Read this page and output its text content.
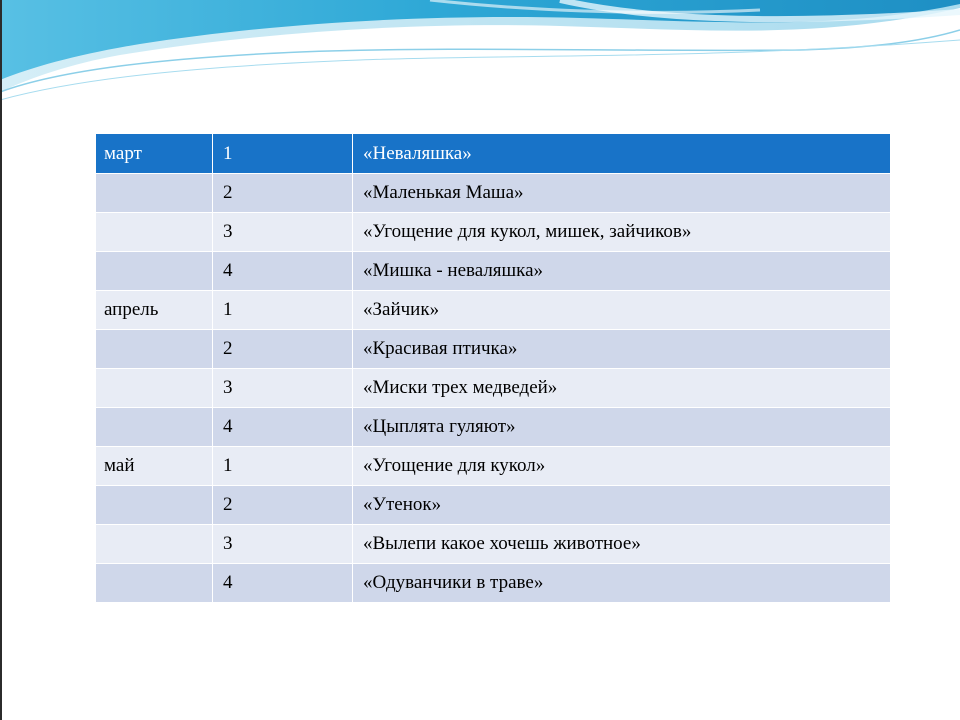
март	1	«Неваляшка»
	2	«Маленькая Маша»
	3	«Угощение для кукол, мишек, зайчиков»
	4	«Мишка - неваляшка»
апрель	1	«Зайчик»
	2	«Красивая птичка»
	3	«Миски трех медведей»
	4	«Цыплята гуляют»
май	1	«Угощение для кукол»
	2	«Утенок»
	3	«Вылепи какое хочешь животное»
	4	«Одуванчики в траве»
